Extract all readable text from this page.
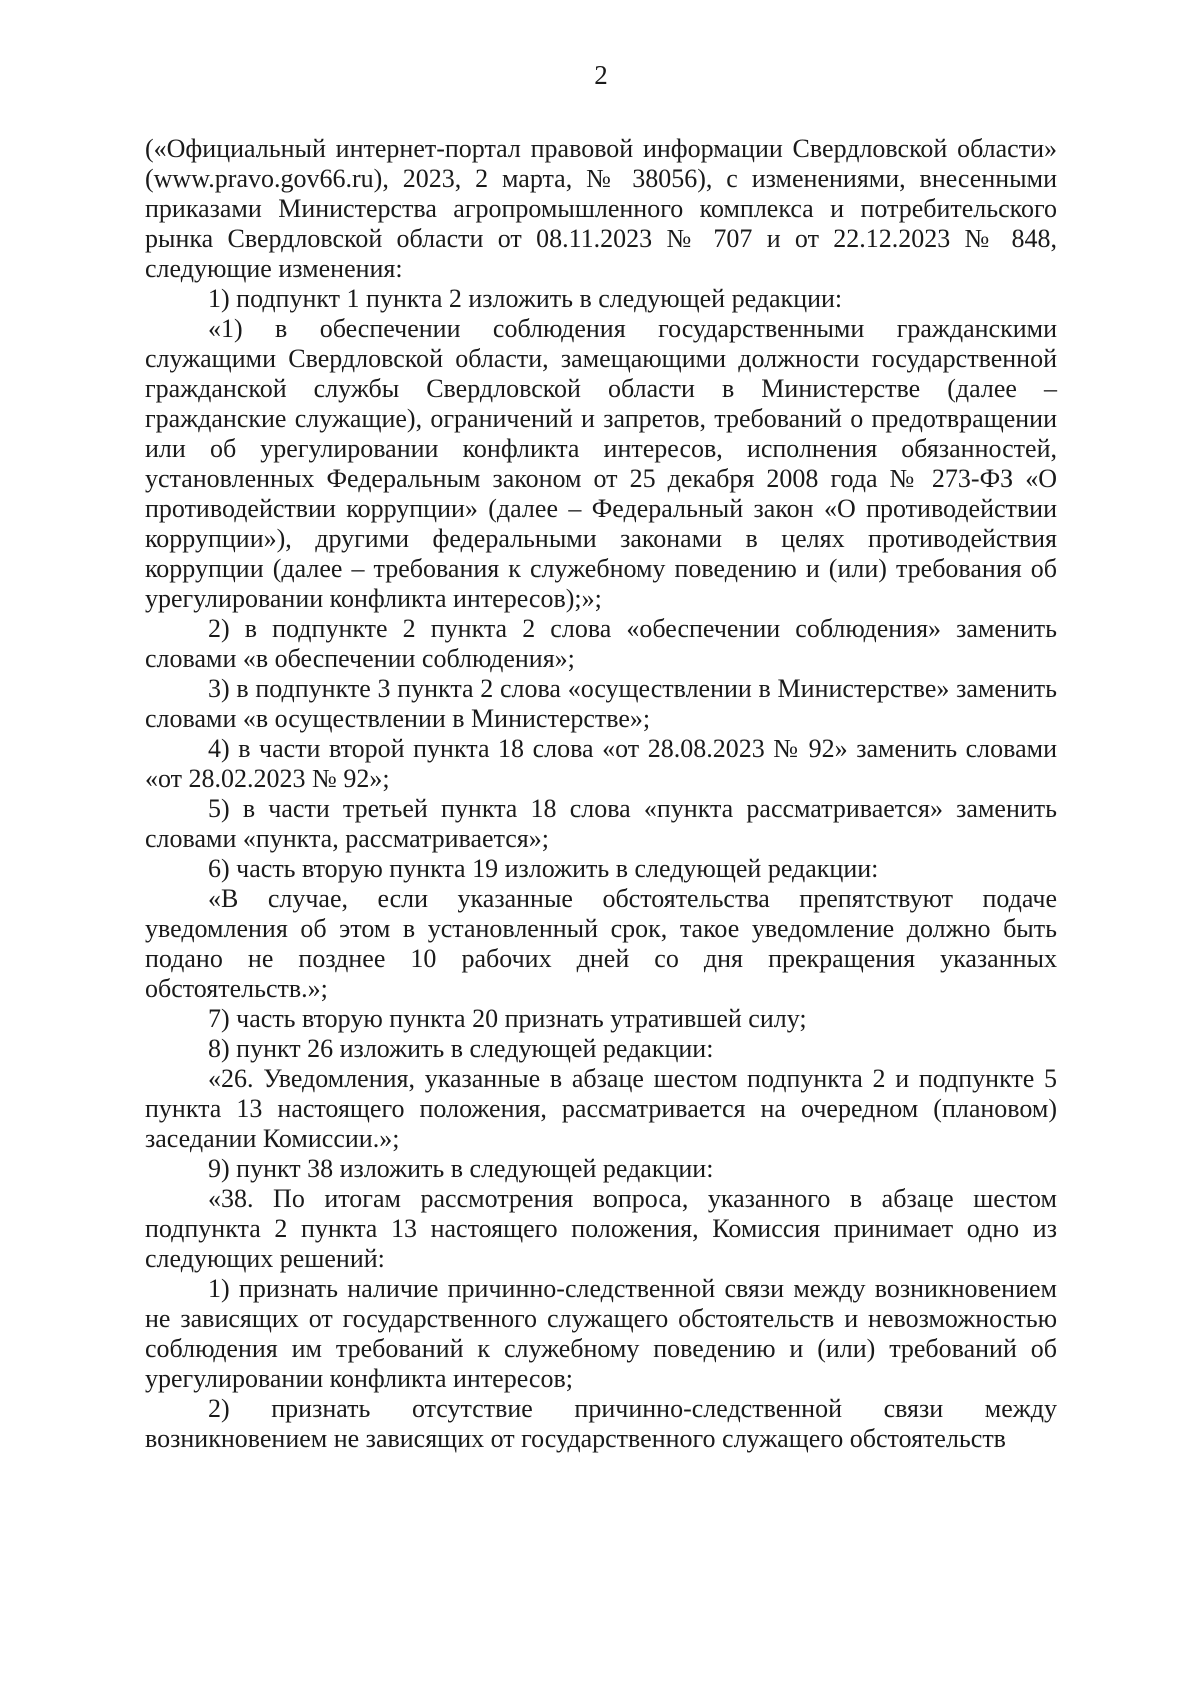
2

(«Официальный интернет-портал правовой информации Свердловской области» (www.pravo.gov66.ru), 2023, 2 марта, № 38056), с изменениями, внесенными приказами Министерства агропромышленного комплекса и потребительского рынка Свердловской области от 08.11.2023 № 707 и от 22.12.2023 № 848, следующие изменения:

1) подпункт 1 пункта 2 изложить в следующей редакции:

«1) в обеспечении соблюдения государственными гражданскими служащими Свердловской области, замещающими должности государственной гражданской службы Свердловской области в Министерстве (далее – гражданские служащие), ограничений и запретов, требований о предотвращении или об урегулировании конфликта интересов, исполнения обязанностей, установленных Федеральным законом от 25 декабря 2008 года № 273-ФЗ «О противодействии коррупции» (далее – Федеральный закон «О противодействии коррупции»), другими федеральными законами в целях противодействия коррупции (далее – требования к служебному поведению и (или) требования об урегулировании конфликта интересов);»;

2) в подпункте 2 пункта 2 слова «обеспечении соблюдения» заменить словами «в обеспечении соблюдения»;

3) в подпункте 3 пункта 2 слова «осуществлении в Министерстве» заменить словами «в осуществлении в Министерстве»;

4) в части второй пункта 18 слова «от 28.08.2023 № 92» заменить словами «от 28.02.2023 № 92»;

5) в части третьей пункта 18 слова «пункта рассматривается» заменить словами «пункта, рассматривается»;

6) часть вторую пункта 19 изложить в следующей редакции:

«В случае, если указанные обстоятельства препятствуют подаче уведомления об этом в установленный срок, такое уведомление должно быть подано не позднее 10 рабочих дней со дня прекращения указанных обстоятельств.»;

7) часть вторую пункта 20 признать утратившей силу;

8) пункт 26 изложить в следующей редакции:

«26. Уведомления, указанные в абзаце шестом подпункта 2 и подпункте 5 пункта 13 настоящего положения, рассматривается на очередном (плановом) заседании Комиссии.»;

9) пункт 38 изложить в следующей редакции:

«38. По итогам рассмотрения вопроса, указанного в абзаце шестом подпункта 2 пункта 13 настоящего положения, Комиссия принимает одно из следующих решений:

1) признать наличие причинно-следственной связи между возникновением не зависящих от государственного служащего обстоятельств и невозможностью соблюдения им требований к служебному поведению и (или) требований об урегулировании конфликта интересов;

2) признать отсутствие причинно-следственной связи между возникновением не зависящих от государственного служащего обстоятельств
